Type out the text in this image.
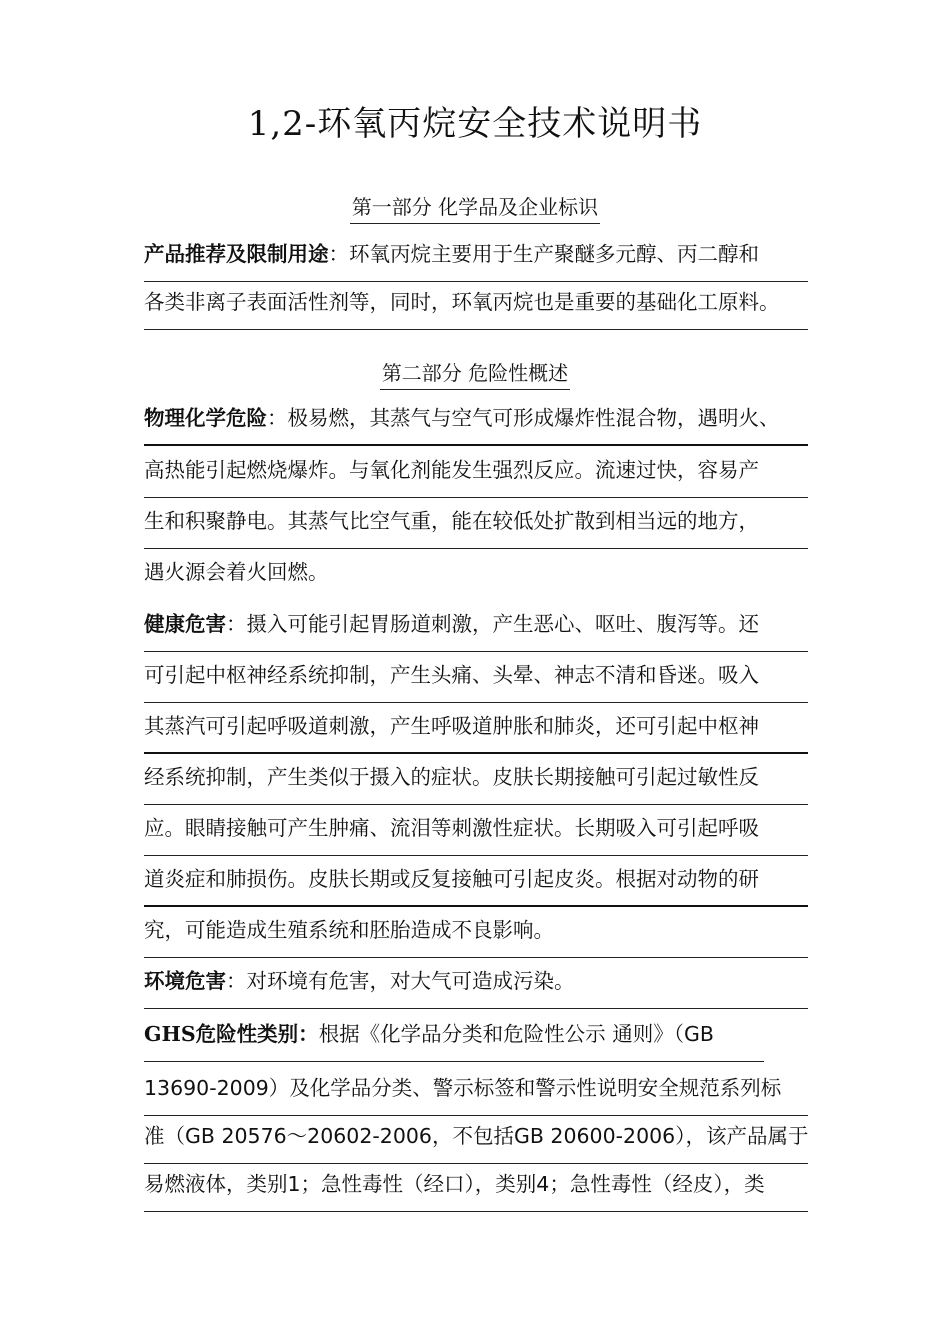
1,2-环氧丙烷安全技术说明书
第一部分 化学品及企业标识
产品推荐及限制用途：环氧丙烷主要用于生产聚醚多元醇、丙二醇和
各类非离子表面活性剂等，同时，环氧丙烷也是重要的基础化工原料。
第二部分 危险性概述
物理化学危险：极易燃，其蒸气与空气可形成爆炸性混合物，遇明火、
高热能引起燃烧爆炸。与氧化剂能发生强烈反应。流速过快，容易产
生和积聚静电。其蒸气比空气重，能在较低处扩散到相当远的地方，
遇火源会着火回燃。
健康危害：摄入可能引起胃肠道刺激，产生恶心、呕吐、腹泻等。还
可引起中枢神经系统抑制，产生头痛、头晕、神志不清和昏迷。吸入
其蒸汽可引起呼吸道刺激，产生呼吸道肿胀和肺炎，还可引起中枢神
经系统抑制，产生类似于摄入的症状。皮肤长期接触可引起过敏性反
应。眼睛接触可产生肿痛、流泪等刺激性症状。长期吸入可引起呼吸
道炎症和肺损伤。皮肤长期或反复接触可引起皮炎。根据对动物的研
究，可能造成生殖系统和胚胎造成不良影响。
环境危害：对环境有危害，对大气可造成污染。
GHS危险性类别：根据《化学品分类和危险性公示 通则》（GB
13690-2009）及化学品分类、警示标签和警示性说明安全规范系列标
准（GB 20576～20602-2006，不包括GB 20600-2006），该产品属于
易燃液体，类别1；急性毒性（经口），类别4；急性毒性（经皮），类
